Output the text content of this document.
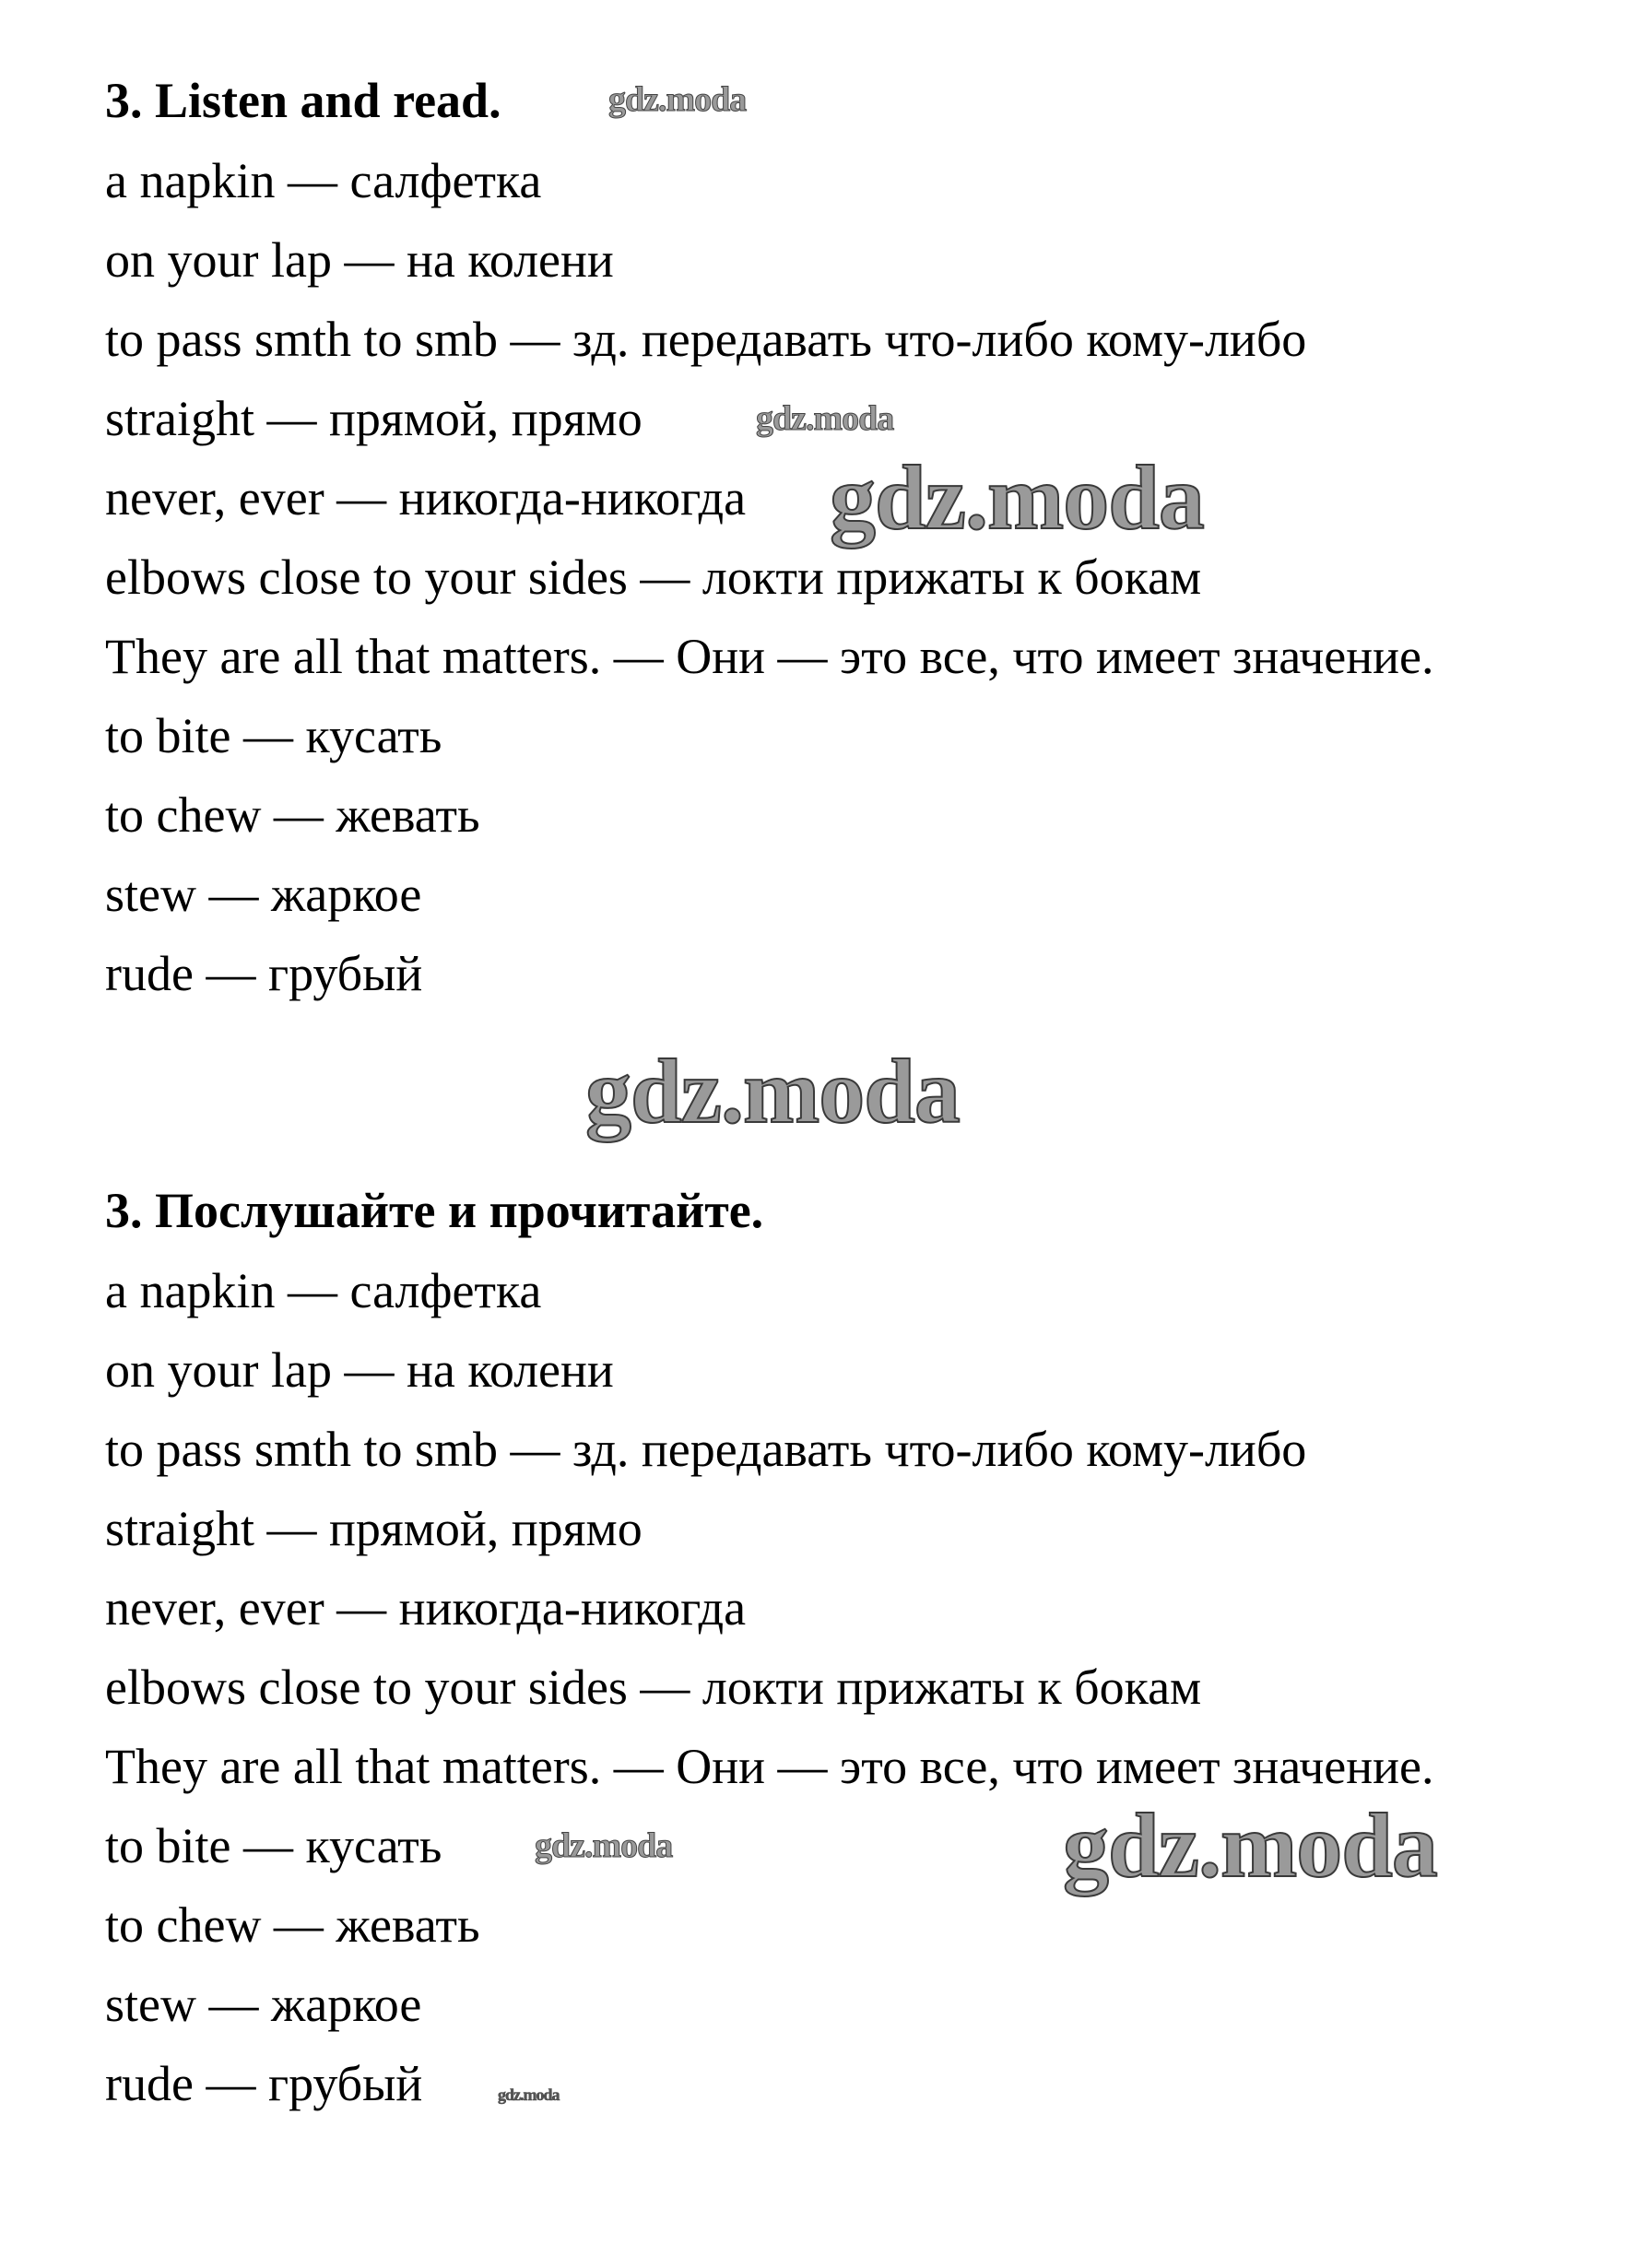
3. Listen and read.
a napkin — салфетка
on your lap — на колени
to pass smth to smb — зд. передавать что-либо кому-либо
straight — прямой, прямо
never, ever — никогда-никогда
elbows close to your sides — локти прижаты к бокам
They are all that matters. — Они — это все, что имеет значение.
to bite — кусать
to chew — жевать
stew — жаркое
rude — грубый
3. Послушайте и прочитайте.
a napkin — салфетка
on your lap — на колени
to pass smth to smb — зд. передавать что-либо кому-либо
straight — прямой, прямо
never, ever — никогда-никогда
elbows close to your sides — локти прижаты к бокам
They are all that matters. — Они — это все, что имеет значение.
to bite — кусать
to chew — жевать
stew — жаркое
rude — грубый
gdz.moda
gdz.moda
gdz.moda
gdz.moda
gdz.moda	gdz.moda
gdz.moda
